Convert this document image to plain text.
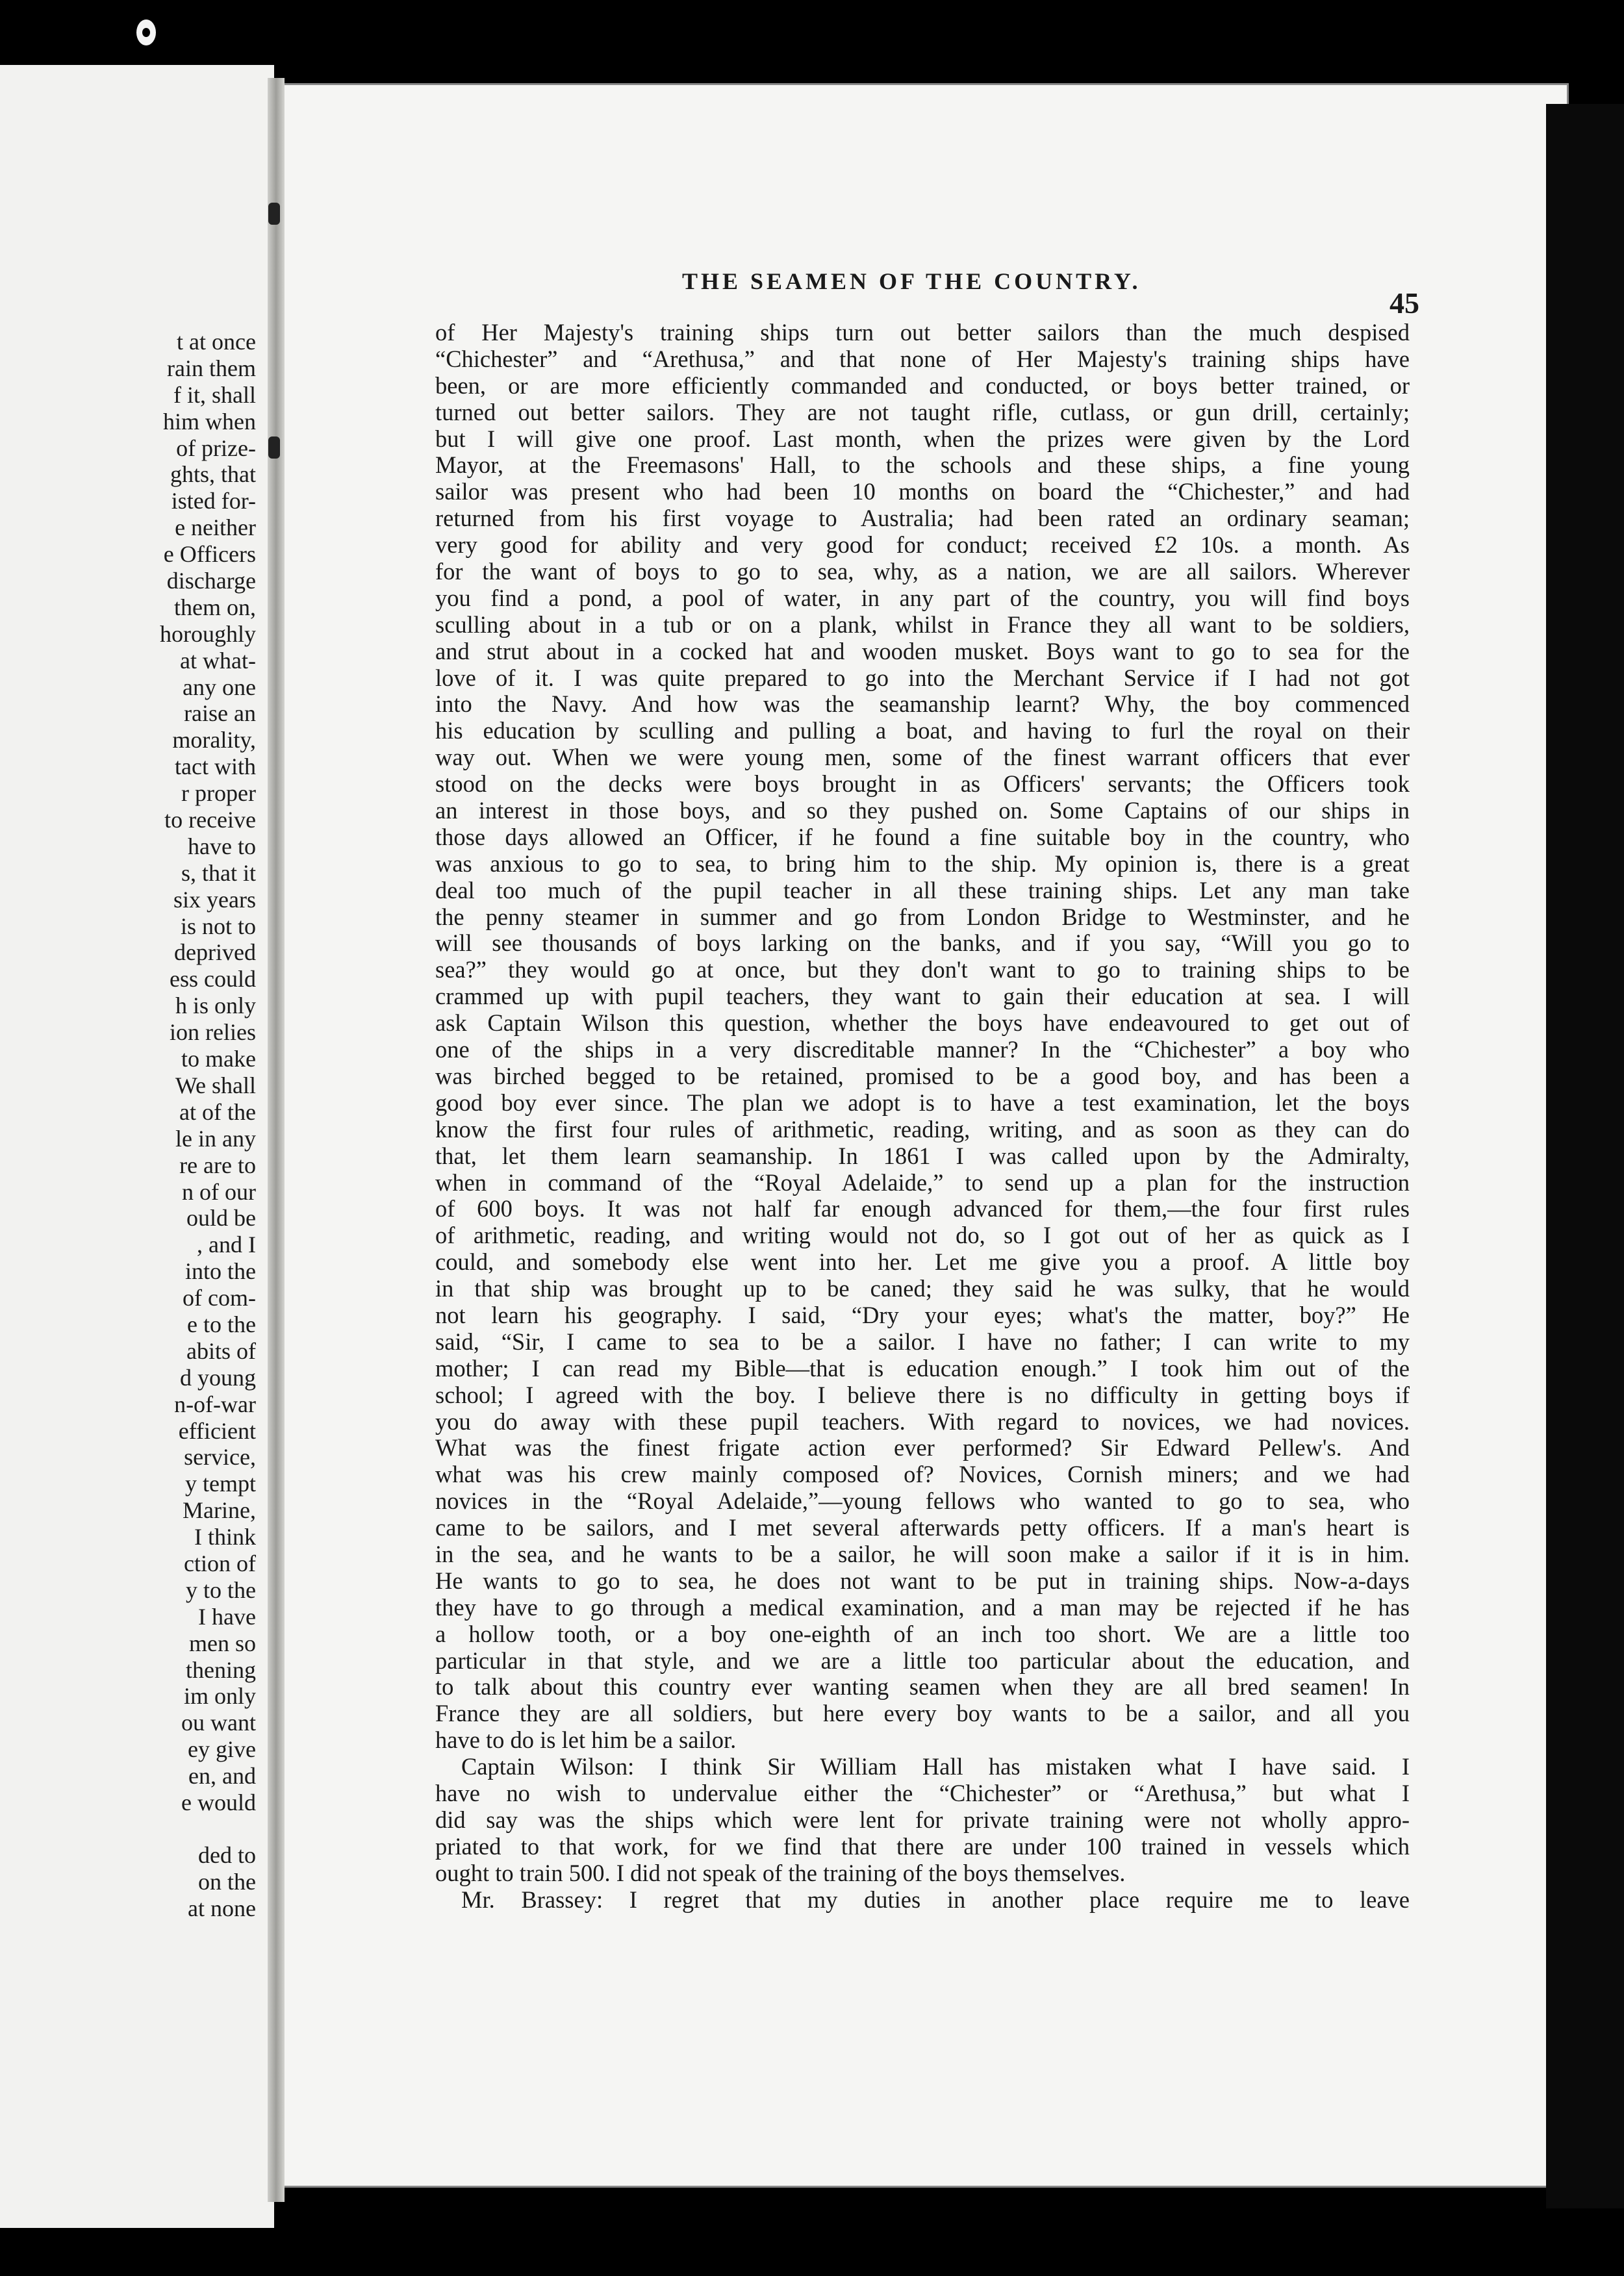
t at once
rain them
f it, shall
him when
of prize-
ghts, that
isted for-
e neither
e Officers
discharge
them on,
horoughly
at what-
any one
raise an
morality,
tact with
r proper
to receive
have to
s, that it
six years
is not to
deprived
ess could
h is only
ion relies
to make
We shall
at of the
le in any
re are to
n of our
ould be
, and I
into the
of com-
e to the
abits of
d young
n-of-war
efficient
service,
y tempt
Marine,
I think
ction of
y to the
I have
men so
thening
im only
ou want
ey give
en, and
e would
ded to
on the
at none
THE SEAMEN OF THE COUNTRY.
45
of Her Majesty's training ships turn out better sailors than the much despised
“Chichester” and “Arethusa,” and that none of Her Majesty's training ships have
been, or are more efficiently commanded and conducted, or boys better trained, or
turned out better sailors. They are not taught rifle, cutlass, or gun drill, certainly;
but I will give one proof. Last month, when the prizes were given by the Lord
Mayor, at the Freemasons' Hall, to the schools and these ships, a fine young
sailor was present who had been 10 months on board the “Chichester,” and had
returned from his first voyage to Australia; had been rated an ordinary seaman;
very good for ability and very good for conduct; received £2 10s. a month. As
for the want of boys to go to sea, why, as a nation, we are all sailors. Wherever
you find a pond, a pool of water, in any part of the country, you will find boys
sculling about in a tub or on a plank, whilst in France they all want to be soldiers,
and strut about in a cocked hat and wooden musket. Boys want to go to sea for the
love of it. I was quite prepared to go into the Merchant Service if I had not got
into the Navy. And how was the seamanship learnt? Why, the boy commenced
his education by sculling and pulling a boat, and having to furl the royal on their
way out. When we were young men, some of the finest warrant officers that ever
stood on the decks were boys brought in as Officers' servants; the Officers took
an interest in those boys, and so they pushed on. Some Captains of our ships in
those days allowed an Officer, if he found a fine suitable boy in the country, who
was anxious to go to sea, to bring him to the ship. My opinion is, there is a great
deal too much of the pupil teacher in all these training ships. Let any man take
the penny steamer in summer and go from London Bridge to Westminster, and he
will see thousands of boys larking on the banks, and if you say, “Will you go to
sea?” they would go at once, but they don't want to go to training ships to be
crammed up with pupil teachers, they want to gain their education at sea. I will
ask Captain Wilson this question, whether the boys have endeavoured to get out of
one of the ships in a very discreditable manner? In the “Chichester” a boy who
was birched begged to be retained, promised to be a good boy, and has been a
good boy ever since. The plan we adopt is to have a test examination, let the boys
know the first four rules of arithmetic, reading, writing, and as soon as they can do
that, let them learn seamanship. In 1861 I was called upon by the Admiralty,
when in command of the “Royal Adelaide,” to send up a plan for the instruction
of 600 boys. It was not half far enough advanced for them,—the four first rules
of arithmetic, reading, and writing would not do, so I got out of her as quick as I
could, and somebody else went into her. Let me give you a proof. A little boy
in that ship was brought up to be caned; they said he was sulky, that he would
not learn his geography. I said, “Dry your eyes; what's the matter, boy?” He
said, “Sir, I came to sea to be a sailor. I have no father; I can write to my
mother; I can read my Bible—that is education enough.” I took him out of the
school; I agreed with the boy. I believe there is no difficulty in getting boys if
you do away with these pupil teachers. With regard to novices, we had novices.
What was the finest frigate action ever performed? Sir Edward Pellew's. And
what was his crew mainly composed of? Novices, Cornish miners; and we had
novices in the “Royal Adelaide,”—young fellows who wanted to go to sea, who
came to be sailors, and I met several afterwards petty officers. If a man's heart is
in the sea, and he wants to be a sailor, he will soon make a sailor if it is in him.
He wants to go to sea, he does not want to be put in training ships. Now-a-days
they have to go through a medical examination, and a man may be rejected if he has
a hollow tooth, or a boy one-eighth of an inch too short. We are a little too
particular in that style, and we are a little too particular about the education, and
to talk about this country ever wanting seamen when they are all bred seamen! In
France they are all soldiers, but here every boy wants to be a sailor, and all you
have to do is let him be a sailor.
Captain Wilson: I think Sir William Hall has mistaken what I have said. I
have no wish to undervalue either the “Chichester” or “Arethusa,” but what I
did say was the ships which were lent for private training were not wholly appro-
priated to that work, for we find that there are under 100 trained in vessels which
ought to train 500. I did not speak of the training of the boys themselves.
Mr. Brassey: I regret that my duties in another place require me to leave
